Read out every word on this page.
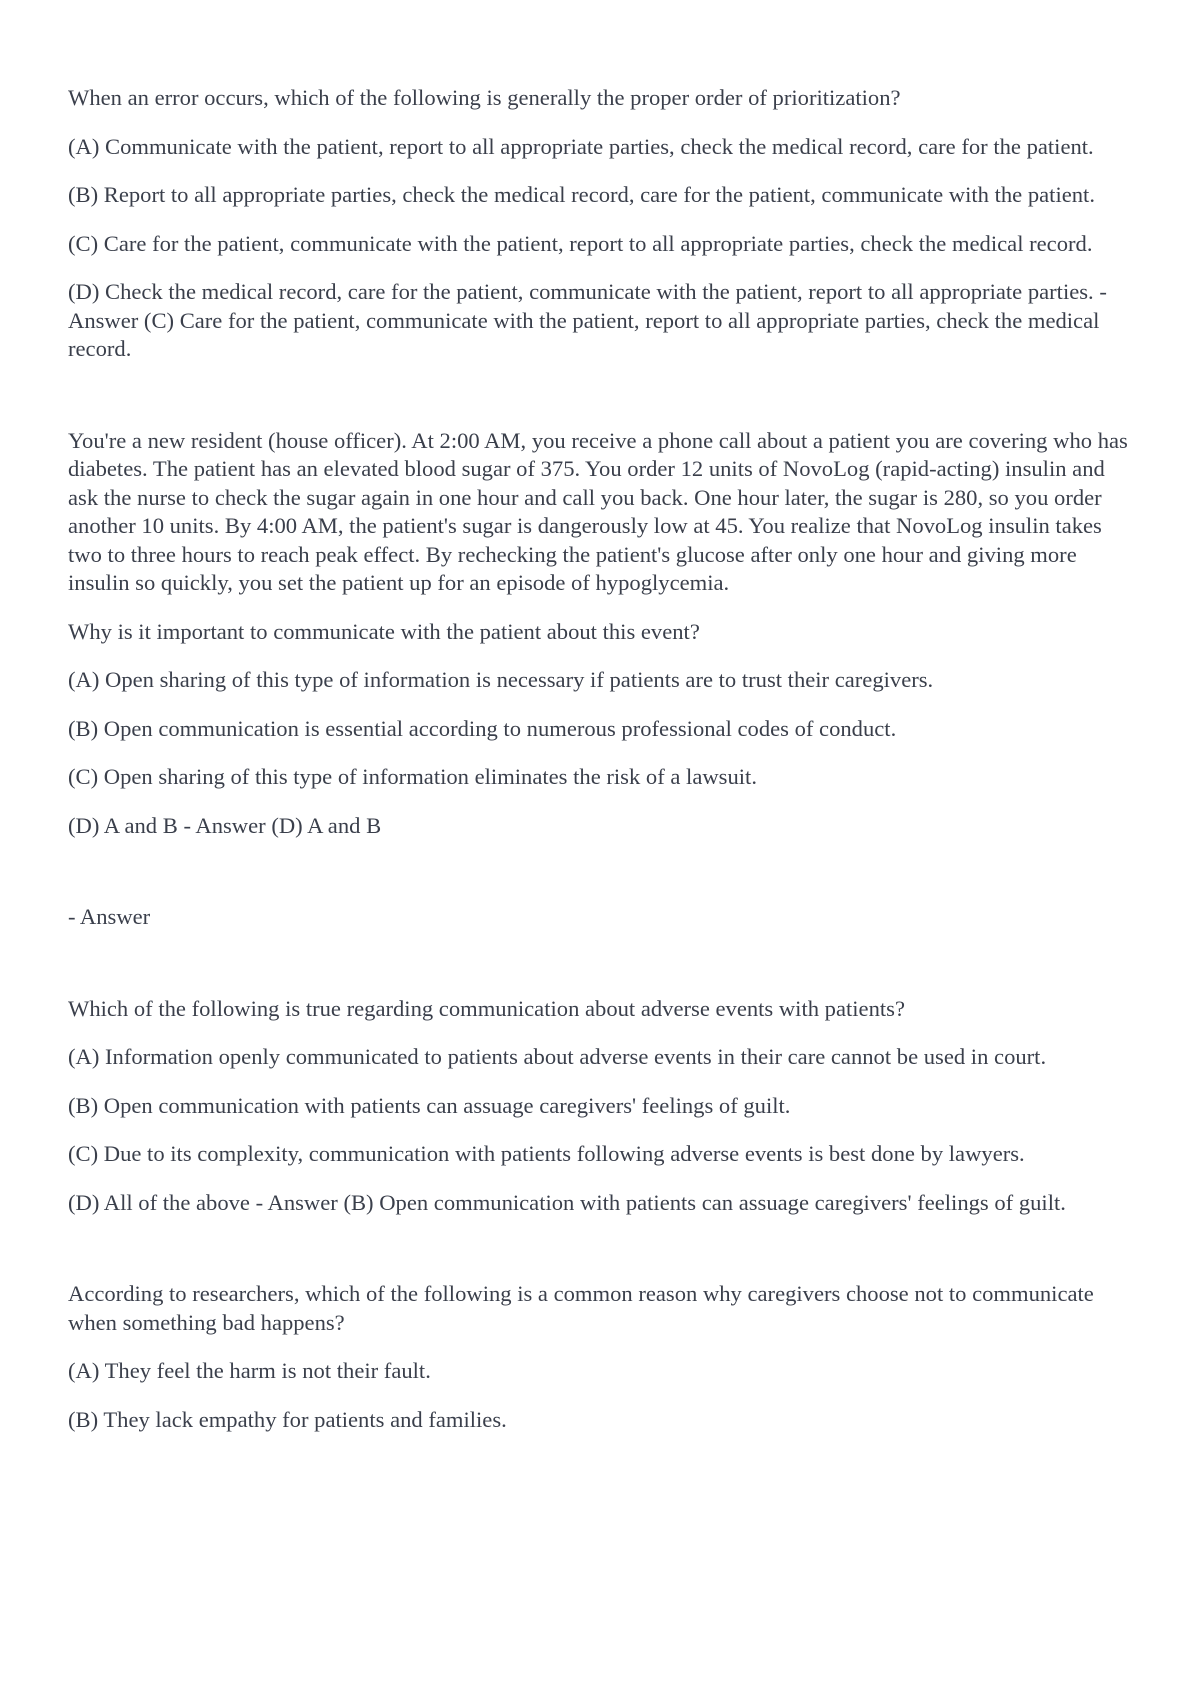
When an error occurs, which of the following is generally the proper order of prioritization?

(A) Communicate with the patient, report to all appropriate parties, check the medical record, care for the patient.

(B) Report to all appropriate parties, check the medical record, care for the patient, communicate with the patient.

(C) Care for the patient, communicate with the patient, report to all appropriate parties, check the medical record.

(D) Check the medical record, care for the patient, communicate with the patient, report to all appropriate parties. - Answer (C) Care for the patient, communicate with the patient, report to all appropriate parties, check the medical record.

You're a new resident (house officer). At 2:00 AM, you receive a phone call about a patient you are covering who has diabetes. The patient has an elevated blood sugar of 375. You order 12 units of NovoLog (rapid-acting) insulin and ask the nurse to check the sugar again in one hour and call you back. One hour later, the sugar is 280, so you order another 10 units. By 4:00 AM, the patient's sugar is dangerously low at 45. You realize that NovoLog insulin takes two to three hours to reach peak effect. By rechecking the patient's glucose after only one hour and giving more insulin so quickly, you set the patient up for an episode of hypoglycemia.

Why is it important to communicate with the patient about this event?

(A) Open sharing of this type of information is necessary if patients are to trust their caregivers.

(B) Open communication is essential according to numerous professional codes of conduct.

(C) Open sharing of this type of information eliminates the risk of a lawsuit.

(D) A and B - Answer (D) A and B

- Answer

Which of the following is true regarding communication about adverse events with patients?

(A) Information openly communicated to patients about adverse events in their care cannot be used in court.

(B) Open communication with patients can assuage caregivers' feelings of guilt.

(C) Due to its complexity, communication with patients following adverse events is best done by lawyers.

(D) All of the above - Answer (B) Open communication with patients can assuage caregivers' feelings of guilt.

According to researchers, which of the following is a common reason why caregivers choose not to communicate when something bad happens?

(A) They feel the harm is not their fault.

(B) They lack empathy for patients and families.
